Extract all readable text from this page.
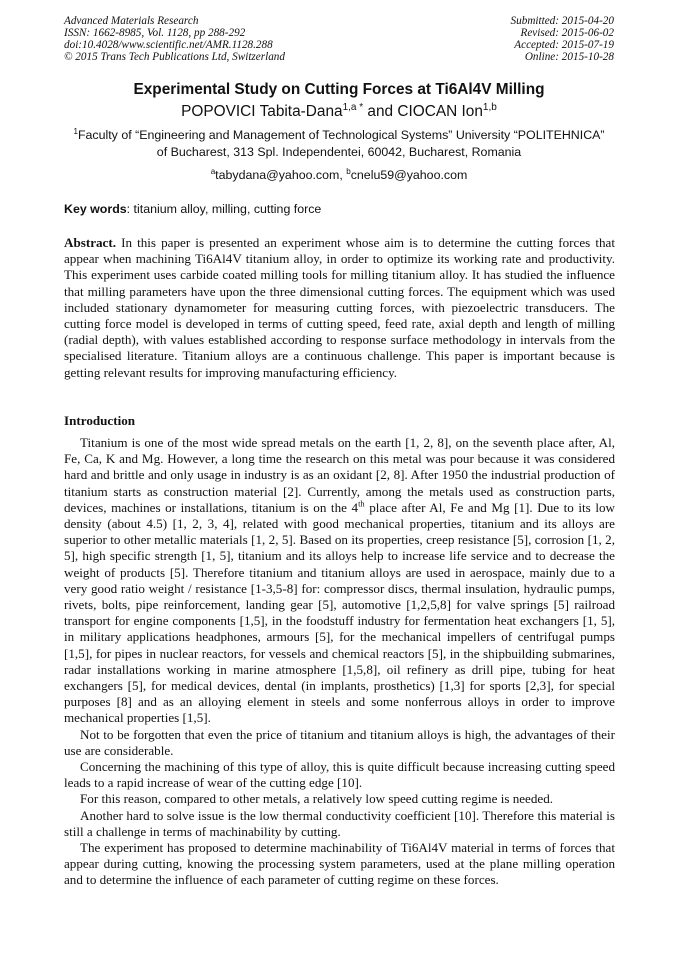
Advanced Materials Research
ISSN: 1662-8985, Vol. 1128, pp 288-292
doi:10.4028/www.scientific.net/AMR.1128.288
© 2015 Trans Tech Publications Ltd, Switzerland
Submitted: 2015-04-20
Revised: 2015-06-02
Accepted: 2015-07-19
Online: 2015-10-28
Experimental Study on Cutting Forces at Ti6Al4V Milling
POPOVICI Tabita-Dana$^{1,a *}$ and CIOCAN Ion$^{1,b}$
$^1$Faculty of “Engineering and Management of Technological Systems” University “POLITEHNICA”
of Bucharest, 313 Spl. Independentei, 60042, Bucharest, Romania
$^a$tabydana@yahoo.com, $^b$cnelu59@yahoo.com
Key words: titanium alloy, milling, cutting force

Abstract. In this paper is presented an experiment whose aim is to determine the cutting forces that appear when machining Ti6Al4V titanium alloy, in order to optimize its working rate and productivity. This experiment uses carbide coated milling tools for milling titanium alloy. It has studied the influence that milling parameters have upon the three dimensional cutting forces. The equipment which was used included stationary dynamometer for measuring cutting forces, with piezoelectric transducers. The cutting force model is developed in terms of cutting speed, feed rate, axial depth and length of milling (radial depth), with values established according to response surface methodology in intervals from the specialised literature. Titanium alloys are a continuous challenge. This paper is important because is getting relevant results for improving manufacturing efficiency.

Introduction

Titanium is one of the most wide spread metals on the earth [1, 2, 8], on the seventh place after, Al, Fe, Ca, K and Mg. However, a long time the research on this metal was pour because it was considered hard and brittle and only usage in industry is as an oxidant [2, 8]. After 1950 the industrial production of titanium starts as construction material [2]. Currently, among the metals used as construction parts, devices, machines or installations, titanium is on the 4th place after Al, Fe and Mg [1]. Due to its low density (about 4.5) [1, 2, 3, 4], related with good mechanical properties, titanium and its alloys are superior to other metallic materials [1, 2, 5]. Based on its properties, creep resistance [5], corrosion [1, 2, 5], high specific strength [1, 5], titanium and its alloys help to increase life service and to decrease the weight of products [5]. Therefore titanium and titanium alloys are used in aerospace, mainly due to a very good ratio weight / resistance [1-3,5-8] for: compressor discs, thermal insulation, hydraulic pumps, rivets, bolts, pipe reinforcement, landing gear [5], automotive [1,2,5,8] for valve springs [5] railroad transport for engine components [1,5], in the foodstuff industry for fermentation heat exchangers [1, 5], in military applications headphones, armours [5], for the mechanical impellers of centrifugal pumps [1,5], for pipes in nuclear reactors, for vessels and chemical reactors [5], in the shipbuilding submarines, radar installations working in marine atmosphere [1,5,8], oil refinery as drill pipe, tubing for heat exchangers [5], for medical devices, dental (in implants, prosthetics) [1,3] for sports [2,3], for special purposes [8] and as an alloying element in steels and some nonferrous alloys in order to improve mechanical properties [1,5].

Not to be forgotten that even the price of titanium and titanium alloys is high, the advantages of their use are considerable.

Concerning the machining of this type of alloy, this is quite difficult because increasing cutting speed leads to a rapid increase of wear of the cutting edge [10].

For this reason, compared to other metals, a relatively low speed cutting regime is needed.

Another hard to solve issue is the low thermal conductivity coefficient [10]. Therefore this material is still a challenge in terms of machinability by cutting.

The experiment has proposed to determine machinability of Ti6Al4V material in terms of forces that appear during cutting, knowing the processing system parameters, used at the plane milling operation and to determine the influence of each parameter of cutting regime on these forces.
